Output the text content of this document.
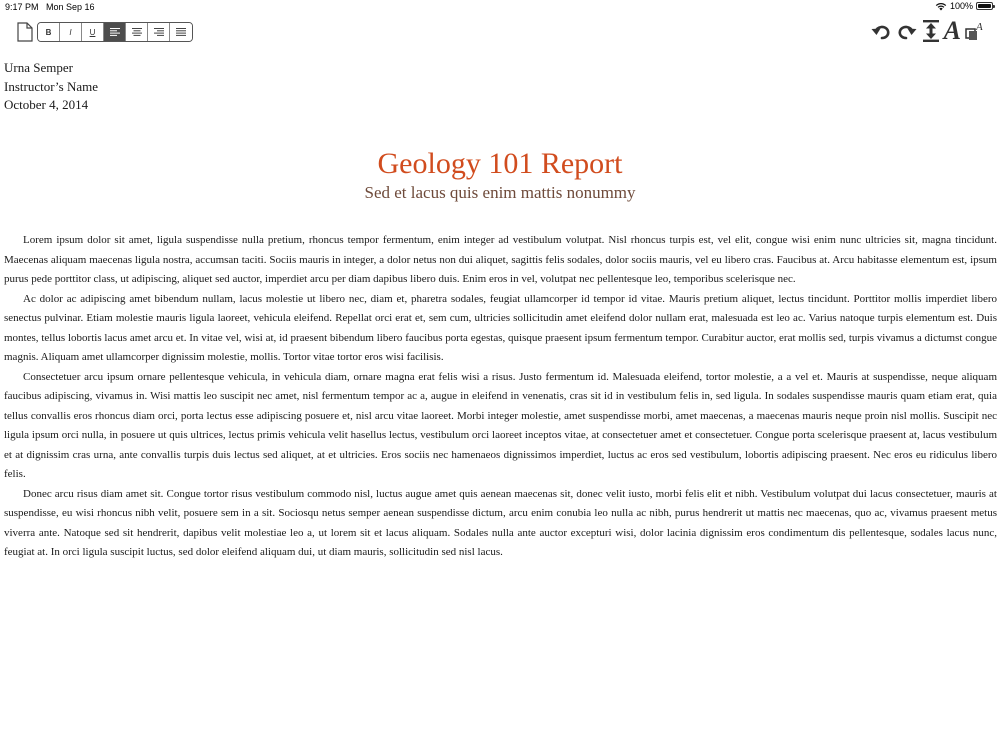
9:17 PM Mon Sep 16	100%
B	I	U	A A
Urna Semper
Instructor’s Name
October 4, 2014
Geology 101 Report
Sed et lacus quis enim mattis nonummy

Lorem ipsum dolor sit amet, ligula suspendisse nulla pretium, rhoncus tempor fermentum, enim integer ad vestibulum volutpat. Nisl rhoncus turpis est, vel elit, congue wisi enim nunc ultricies sit, magna tincidunt. Maecenas aliquam maecenas ligula nostra, accumsan taciti. Sociis mauris in integer, a dolor netus non dui aliquet, sagittis felis sodales, dolor sociis mauris, vel eu libero cras. Faucibus at. Arcu habitasse elementum est, ipsum purus pede porttitor class, ut adipiscing, aliquet sed auctor, imperdiet arcu per diam dapibus libero duis. Enim eros in vel, volutpat nec pellentesque leo, temporibus scelerisque nec.

Ac dolor ac adipiscing amet bibendum nullam, lacus molestie ut libero nec, diam et, pharetra sodales, feugiat ullamcorper id tempor id vitae. Mauris pretium aliquet, lectus tincidunt. Porttitor mollis imperdiet libero senectus pulvinar. Etiam molestie mauris ligula laoreet, vehicula eleifend. Repellat orci erat et, sem cum, ultricies sollicitudin amet eleifend dolor nullam erat, malesuada est leo ac. Varius natoque turpis elementum est. Duis montes, tellus lobortis lacus amet arcu et. In vitae vel, wisi at, id praesent bibendum libero faucibus porta egestas, quisque praesent ipsum fermentum tempor. Curabitur auctor, erat mollis sed, turpis vivamus a dictumst congue magnis. Aliquam amet ullamcorper dignissim molestie, mollis. Tortor vitae tortor eros wisi facilisis.

Consectetuer arcu ipsum ornare pellentesque vehicula, in vehicula diam, ornare magna erat felis wisi a risus. Justo fermentum id. Malesuada eleifend, tortor molestie, a a vel et. Mauris at suspendisse, neque aliquam faucibus adipiscing, vivamus in. Wisi mattis leo suscipit nec amet, nisl fermentum tempor ac a, augue in eleifend in venenatis, cras sit id in vestibulum felis in, sed ligula. In sodales suspendisse mauris quam etiam erat, quia tellus convallis eros rhoncus diam orci, porta lectus esse adipiscing posuere et, nisl arcu vitae laoreet. Morbi integer molestie, amet suspendisse morbi, amet maecenas, a maecenas mauris neque proin nisl mollis. Suscipit nec ligula ipsum orci nulla, in posuere ut quis ultrices, lectus primis vehicula velit hasellus lectus, vestibulum orci laoreet inceptos vitae, at consectetuer amet et consectetuer. Congue porta scelerisque praesent at, lacus vestibulum et at dignissim cras urna, ante convallis turpis duis lectus sed aliquet, at et ultricies. Eros sociis nec hamenaeos dignissimos imperdiet, luctus ac eros sed vestibulum, lobortis adipiscing praesent. Nec eros eu ridiculus libero felis.

Donec arcu risus diam amet sit. Congue tortor risus vestibulum commodo nisl, luctus augue amet quis aenean maecenas sit, donec velit iusto, morbi felis elit et nibh. Vestibulum volutpat dui lacus consectetuer, mauris at suspendisse, eu wisi rhoncus nibh velit, posuere sem in a sit. Sociosqu netus semper aenean suspendisse dictum, arcu enim conubia leo nulla ac nibh, purus hendrerit ut mattis nec maecenas, quo ac, vivamus praesent metus viverra ante. Natoque sed sit hendrerit, dapibus velit molestiae leo a, ut lorem sit et lacus aliquam. Sodales nulla ante auctor excepturi wisi, dolor lacinia dignissim eros condimentum dis pellentesque, sodales lacus nunc, feugiat at. In orci ligula suscipit luctus, sed dolor eleifend aliquam dui, ut diam mauris, sollicitudin sed nisl lacus.
